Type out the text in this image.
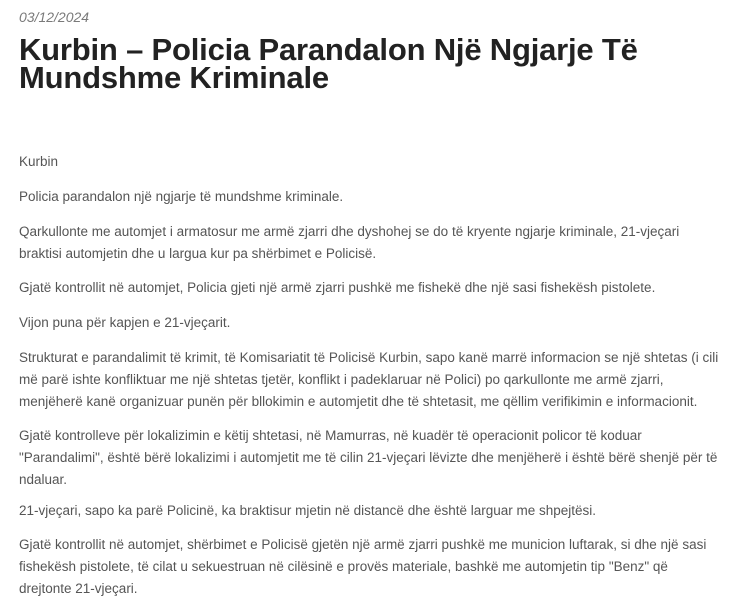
03/12/2024
Kurbin – Policia Parandalon Një Ngjarje Të Mundshme Kriminale

Kurbin

Policia parandalon një ngjarje të mundshme kriminale.

Qarkullonte me automjet i armatosur me armë zjarri dhe dyshohej se do të kryente ngjarje kriminale, 21-vjeçari braktisi automjetin dhe u largua kur pa shërbimet e Policisë.

Gjatë kontrollit në automjet, Policia gjeti një armë zjarri pushkë me fishekë dhe një sasi fishekësh pistolete.

Vijon puna për kapjen e 21-vjeçarit.

Strukturat e parandalimit të krimit, të Komisariatit të Policisë Kurbin, sapo kanë marrë informacion se një shtetas (i cili më parë ishte konfliktuar me një shtetas tjetër, konflikt i padeklaruar në Polici) po qarkullonte me armë zjarri, menjëherë kanë organizuar punën për bllokimin e automjetit dhe të shtetasit, me qëllim verifikimin e informacionit.

Gjatë kontrolleve për lokalizimin e këtij shtetasi, në Mamurras, në kuadër të operacionit policor të koduar "Parandalimi", është bërë lokalizimi i automjetit me të cilin 21-vjeçari lëvizte dhe menjëherë i është bërë shenjë për të ndaluar.

21-vjeçari, sapo ka parë Policinë, ka braktisur mjetin në distancë dhe është larguar me shpejtësi.

Gjatë kontrollit në automjet, shërbimet e Policisë gjetën një armë zjarri pushkë me municion luftarak, si dhe një sasi fishekësh pistolete, të cilat u sekuestruan në cilësinë e provës materiale, bashkë me automjetin tip "Benz" që drejtonte 21-vjeçari.
